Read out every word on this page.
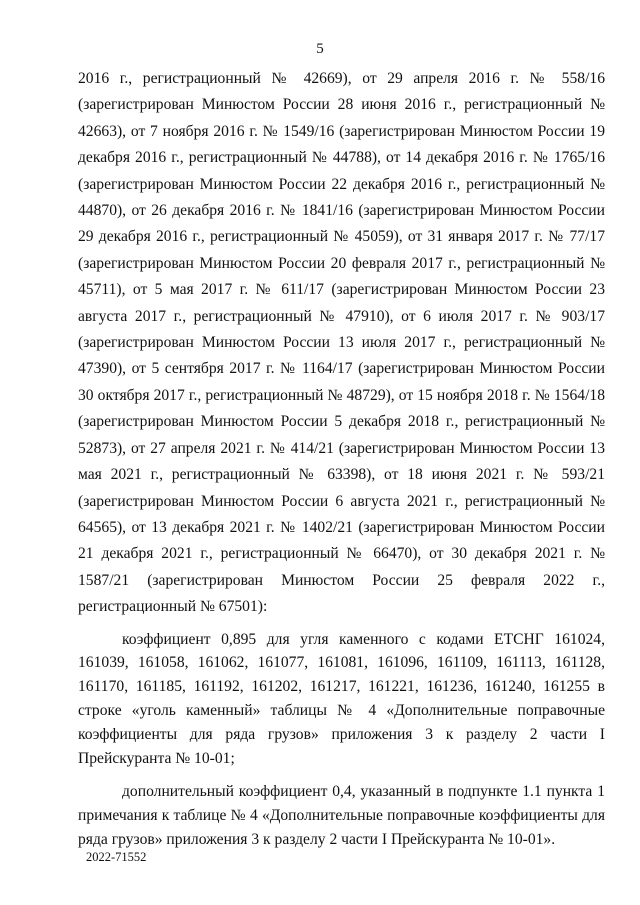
5

2016 г., регистрационный № 42669), от 29 апреля 2016 г. № 558/16 (зарегистрирован Минюстом России 28 июня 2016 г., регистрационный № 42663), от 7 ноября 2016 г. № 1549/16 (зарегистрирован Минюстом России 19 декабря 2016 г., регистрационный № 44788), от 14 декабря 2016 г. № 1765/16 (зарегистрирован Минюстом России 22 декабря 2016 г., регистрационный № 44870), от 26 декабря 2016 г. № 1841/16 (зарегистрирован Минюстом России 29 декабря 2016 г., регистрационный № 45059), от 31 января 2017 г. № 77/17 (зарегистрирован Минюстом России 20 февраля 2017 г., регистрационный № 45711), от 5 мая 2017 г. № 611/17 (зарегистрирован Минюстом России 23 августа 2017 г., регистрационный № 47910), от 6 июля 2017 г. № 903/17 (зарегистрирован Минюстом России 13 июля 2017 г., регистрационный № 47390), от 5 сентября 2017 г. № 1164/17 (зарегистрирован Минюстом России 30 октября 2017 г., регистрационный № 48729), от 15 ноября 2018 г. № 1564/18 (зарегистрирован Минюстом России 5 декабря 2018 г., регистрационный № 52873), от 27 апреля 2021 г. № 414/21 (зарегистрирован Минюстом России 13 мая 2021 г., регистрационный № 63398), от 18 июня 2021 г. № 593/21 (зарегистрирован Минюстом России 6 августа 2021 г., регистрационный № 64565), от 13 декабря 2021 г. № 1402/21 (зарегистрирован Минюстом России 21 декабря 2021 г., регистрационный № 66470), от 30 декабря 2021 г. № 1587/21 (зарегистрирован Минюстом России 25 февраля 2022 г., регистрационный № 67501):

коэффициент 0,895 для угля каменного с кодами ЕТСНГ 161024, 161039, 161058, 161062, 161077, 161081, 161096, 161109, 161113, 161128, 161170, 161185, 161192, 161202, 161217, 161221, 161236, 161240, 161255 в строке «уголь каменный» таблицы № 4 «Дополнительные поправочные коэффициенты для ряда грузов» приложения 3 к разделу 2 части I Прейскуранта № 10-01;

дополнительный коэффициент 0,4, указанный в подпункте 1.1 пункта 1 примечания к таблице № 4 «Дополнительные поправочные коэффициенты для ряда грузов» приложения 3 к разделу 2 части I Прейскуранта № 10-01».

2022-71552
